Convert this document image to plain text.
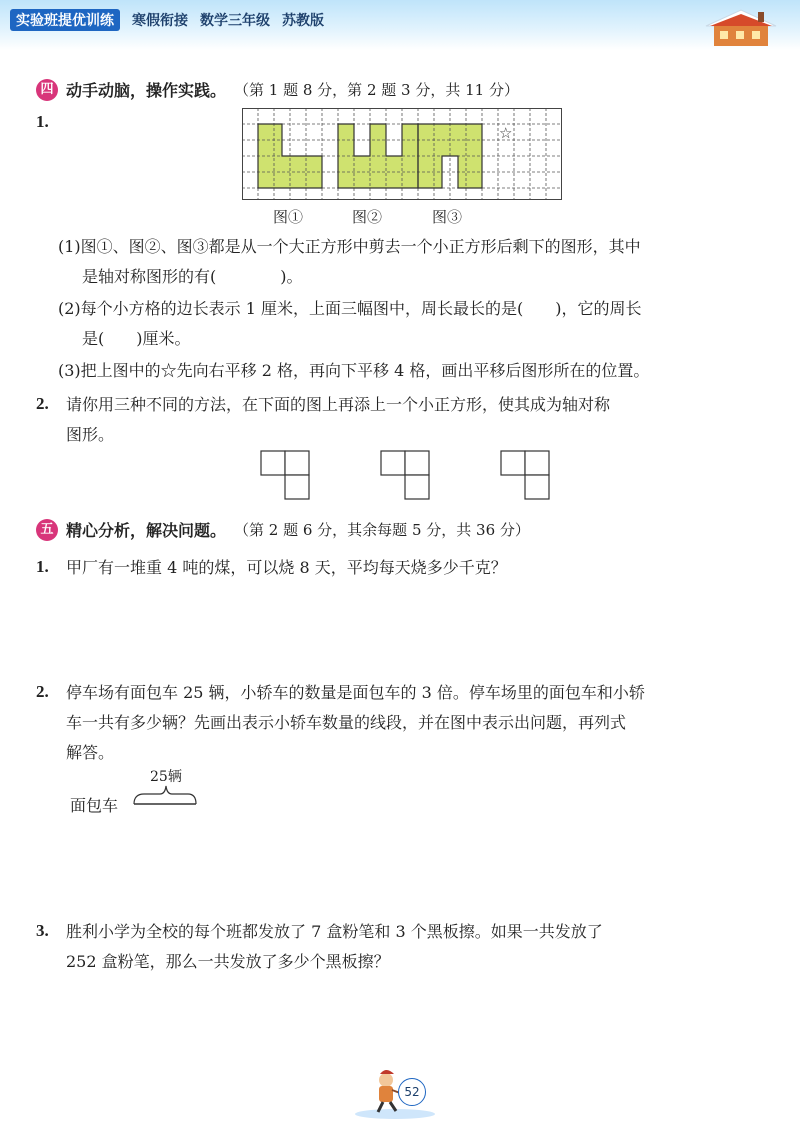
实验班提优训练	寒假衔接 数学三年级 苏教版
四 动手动脑，操作实践。 （第 1 题 8 分，第 2 题 3 分，共 11 分）
1.
☆
图①	图②	图③
(1)图①、图②、图③都是从一个大正方形中剪去一个小正方形后剩下的图形，其中
是轴对称图形的有(　　　　)。
(2)每个小方格的边长表示 1 厘米，上面三幅图中，周长最长的是(　　)，它的周长
是(　　)厘米。
(3)把上图中的☆先向右平移 2 格，再向下平移 4 格，画出平移后图形所在的位置。
2. 请你用三种不同的方法，在下面的图上再添上一个小正方形，使其成为轴对称
图形。
五 精心分析，解决问题。 （第 2 题 6 分，其余每题 5 分，共 36 分）
1. 甲厂有一堆重 4 吨的煤，可以烧 8 天，平均每天烧多少千克？
2. 停车场有面包车 25 辆，小轿车的数量是面包车的 3 倍。停车场里的面包车和小轿
车一共有多少辆？先画出表示小轿车数量的线段，并在图中表示出问题，再列式
解答。
25辆
面包车
3. 胜利小学为全校的每个班都发放了 7 盒粉笔和 3 个黑板擦。如果一共发放了
252 盒粉笔，那么一共发放了多少个黑板擦？
52
